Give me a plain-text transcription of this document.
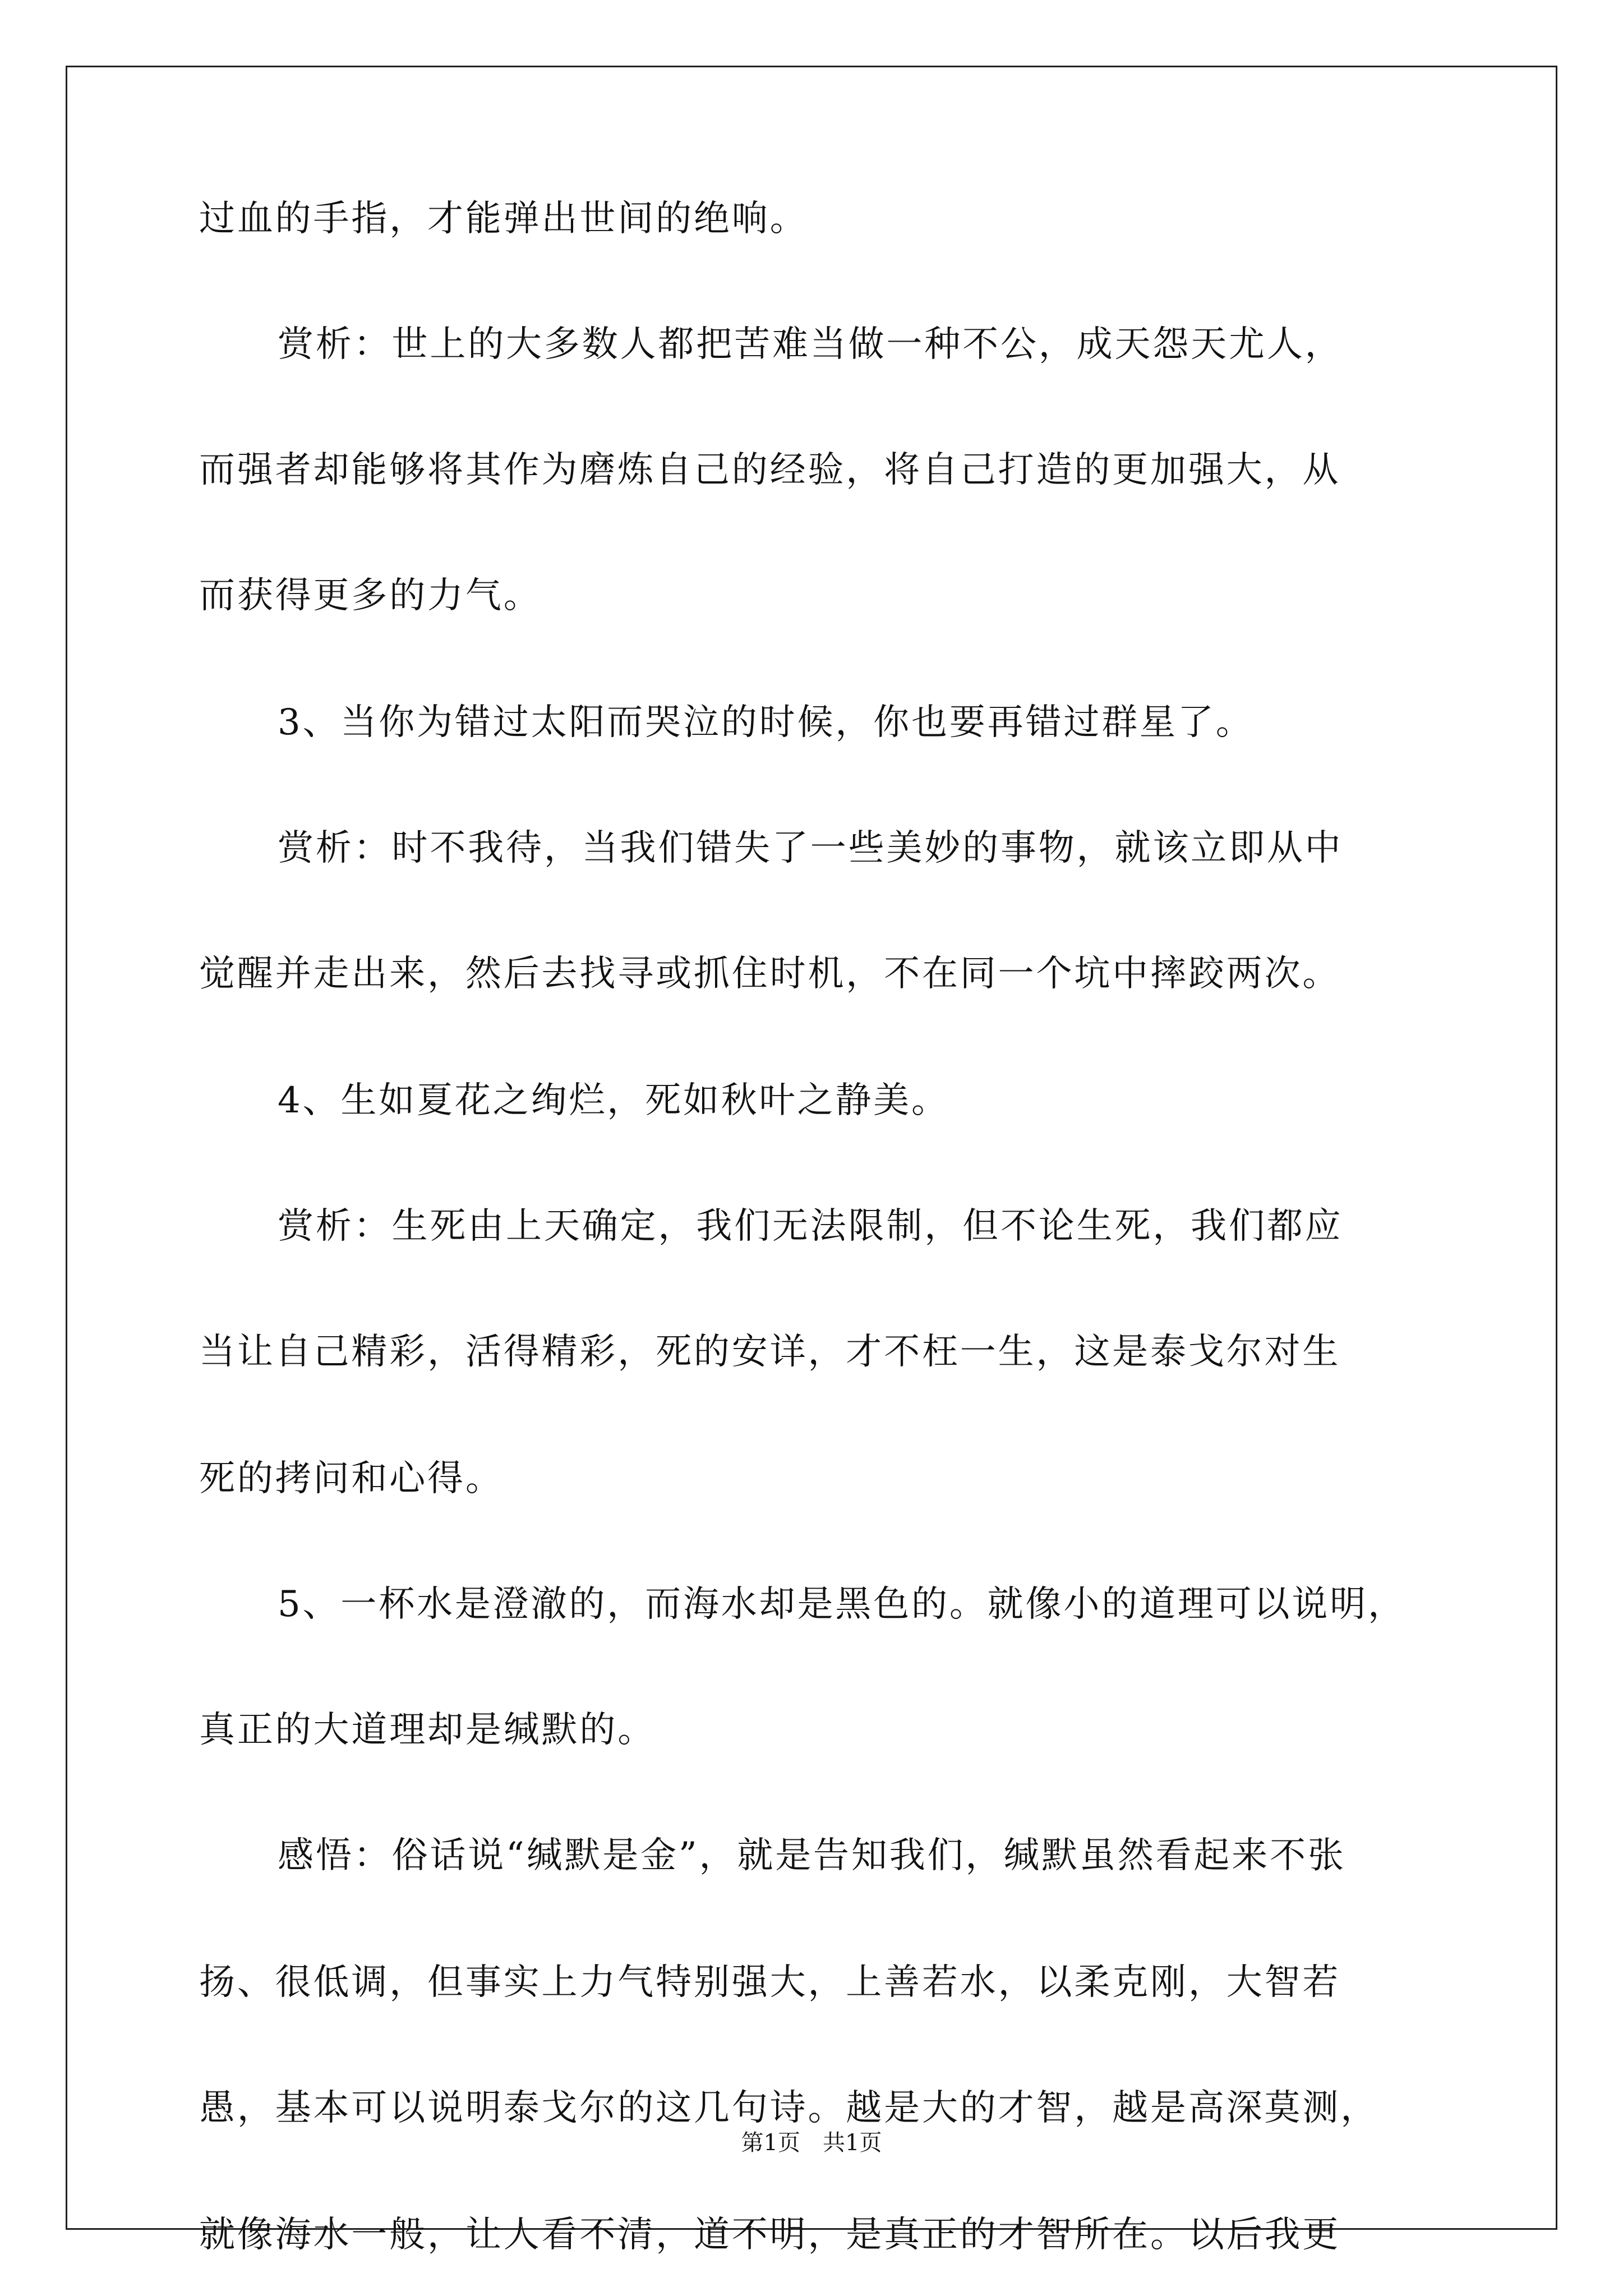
过血的手指，才能弹出世间的绝响。
赏析：世上的大多数人都把苦难当做一种不公，成天怨天尤人，
而强者却能够将其作为磨炼自己的经验，将自己打造的更加强大，从
而获得更多的力气。
3、当你为错过太阳而哭泣的时候，你也要再错过群星了。
赏析：时不我待，当我们错失了一些美妙的事物，就该立即从中
觉醒并走出来，然后去找寻或抓住时机，不在同一个坑中摔跤两次。
4、生如夏花之绚烂，死如秋叶之静美。
赏析：生死由上天确定，我们无法限制，但不论生死，我们都应
当让自己精彩，活得精彩，死的安详，才不枉一生，这是泰戈尔对生
死的拷问和心得。
5、一杯水是澄澈的，而海水却是黑色的。就像小的道理可以说明，
真正的大道理却是缄默的。
感悟：俗话说“缄默是金”，就是告知我们，缄默虽然看起来不张
扬、很低调，但事实上力气特别强大，上善若水，以柔克刚，大智若
愚，基本可以说明泰戈尔的这几句诗。越是大的才智，越是高深莫测，
就像海水一般，让人看不清，道不明，是真正的才智所在。以后我更
第1页　共1页
